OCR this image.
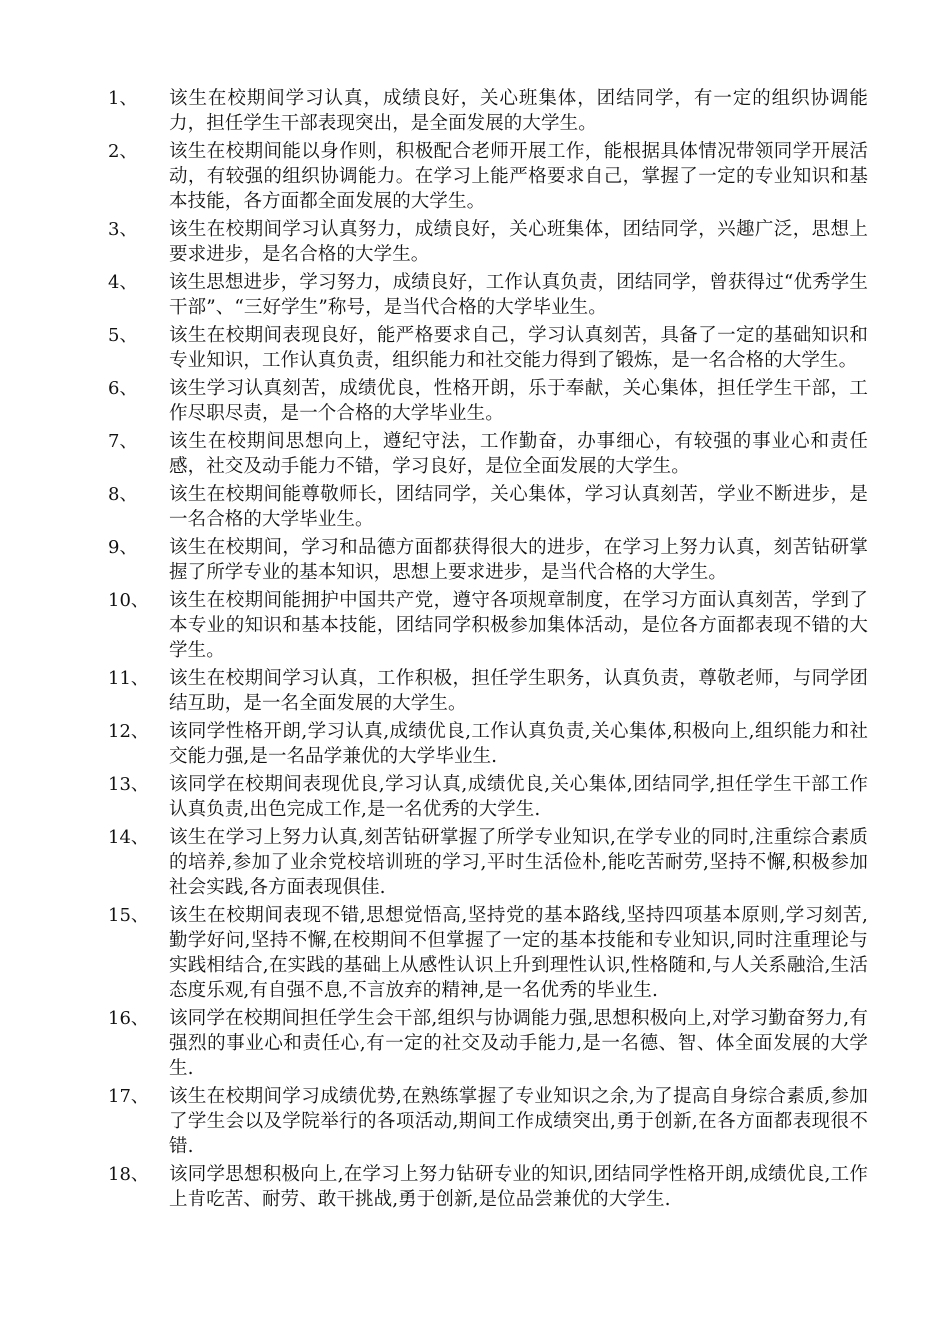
1、	该生在校期间学习认真，成绩良好，关心班集体，团结同学，有一定的组织协调能力，担任学生干部表现突出，是全面发展的大学生。
2、	该生在校期间能以身作则，积极配合老师开展工作，能根据具体情况带领同学开展活动，有较强的组织协调能力。在学习上能严格要求自己，掌握了一定的专业知识和基本技能，各方面都全面发展的大学生。
3、	该生在校期间学习认真努力，成绩良好，关心班集体，团结同学，兴趣广泛，思想上要求进步，是名合格的大学生。
4、	该生思想进步，学习努力，成绩良好，工作认真负责，团结同学，曾获得过“优秀学生干部”、“三好学生”称号，是当代合格的大学毕业生。
5、	该生在校期间表现良好，能严格要求自己，学习认真刻苦，具备了一定的基础知识和专业知识，工作认真负责，组织能力和社交能力得到了锻炼，是一名合格的大学生。
6、	该生学习认真刻苦，成绩优良，性格开朗，乐于奉献，关心集体，担任学生干部，工作尽职尽责，是一个合格的大学毕业生。
7、	该生在校期间思想向上，遵纪守法，工作勤奋，办事细心，有较强的事业心和责任感，社交及动手能力不错，学习良好，是位全面发展的大学生。
8、	该生在校期间能尊敬师长，团结同学，关心集体，学习认真刻苦，学业不断进步，是一名合格的大学毕业生。
9、	该生在校期间，学习和品德方面都获得很大的进步，在学习上努力认真，刻苦钻研掌握了所学专业的基本知识，思想上要求进步，是当代合格的大学生。
10、	该生在校期间能拥护中国共产党，遵守各项规章制度，在学习方面认真刻苦，学到了本专业的知识和基本技能，团结同学积极参加集体活动，是位各方面都表现不错的大学生。
11、	该生在校期间学习认真，工作积极，担任学生职务，认真负责，尊敬老师，与同学团结互助，是一名全面发展的大学生。
12、	该同学性格开朗,学习认真,成绩优良,工作认真负责,关心集体,积极向上,组织能力和社交能力强,是一名品学兼优的大学毕业生.
13、	该同学在校期间表现优良,学习认真,成绩优良,关心集体,团结同学,担任学生干部工作认真负责,出色完成工作,是一名优秀的大学生.
14、	该生在学习上努力认真,刻苦钻研掌握了所学专业知识,在学专业的同时,注重综合素质的培养,参加了业余党校培训班的学习,平时生活俭朴,能吃苦耐劳,坚持不懈,积极参加社会实践,各方面表现俱佳.
15、	该生在校期间表现不错,思想觉悟高,坚持党的基本路线,坚持四项基本原则,学习刻苦,勤学好问,坚持不懈,在校期间不但掌握了一定的基本技能和专业知识,同时注重理论与实践相结合,在实践的基础上从感性认识上升到理性认识,性格随和,与人关系融洽,生活态度乐观,有自强不息,不言放弃的精神,是一名优秀的毕业生.
16、	该同学在校期间担任学生会干部,组织与协调能力强,思想积极向上,对学习勤奋努力,有强烈的事业心和责任心,有一定的社交及动手能力,是一名德、智、体全面发展的大学生.
17、	该生在校期间学习成绩优势,在熟练掌握了专业知识之余,为了提高自身综合素质,参加了学生会以及学院举行的各项活动,期间工作成绩突出,勇于创新,在各方面都表现很不错.
18、	该同学思想积极向上,在学习上努力钻研专业的知识,团结同学性格开朗,成绩优良,工作上肯吃苦、耐劳、敢干挑战,勇于创新,是位品尝兼优的大学生.
